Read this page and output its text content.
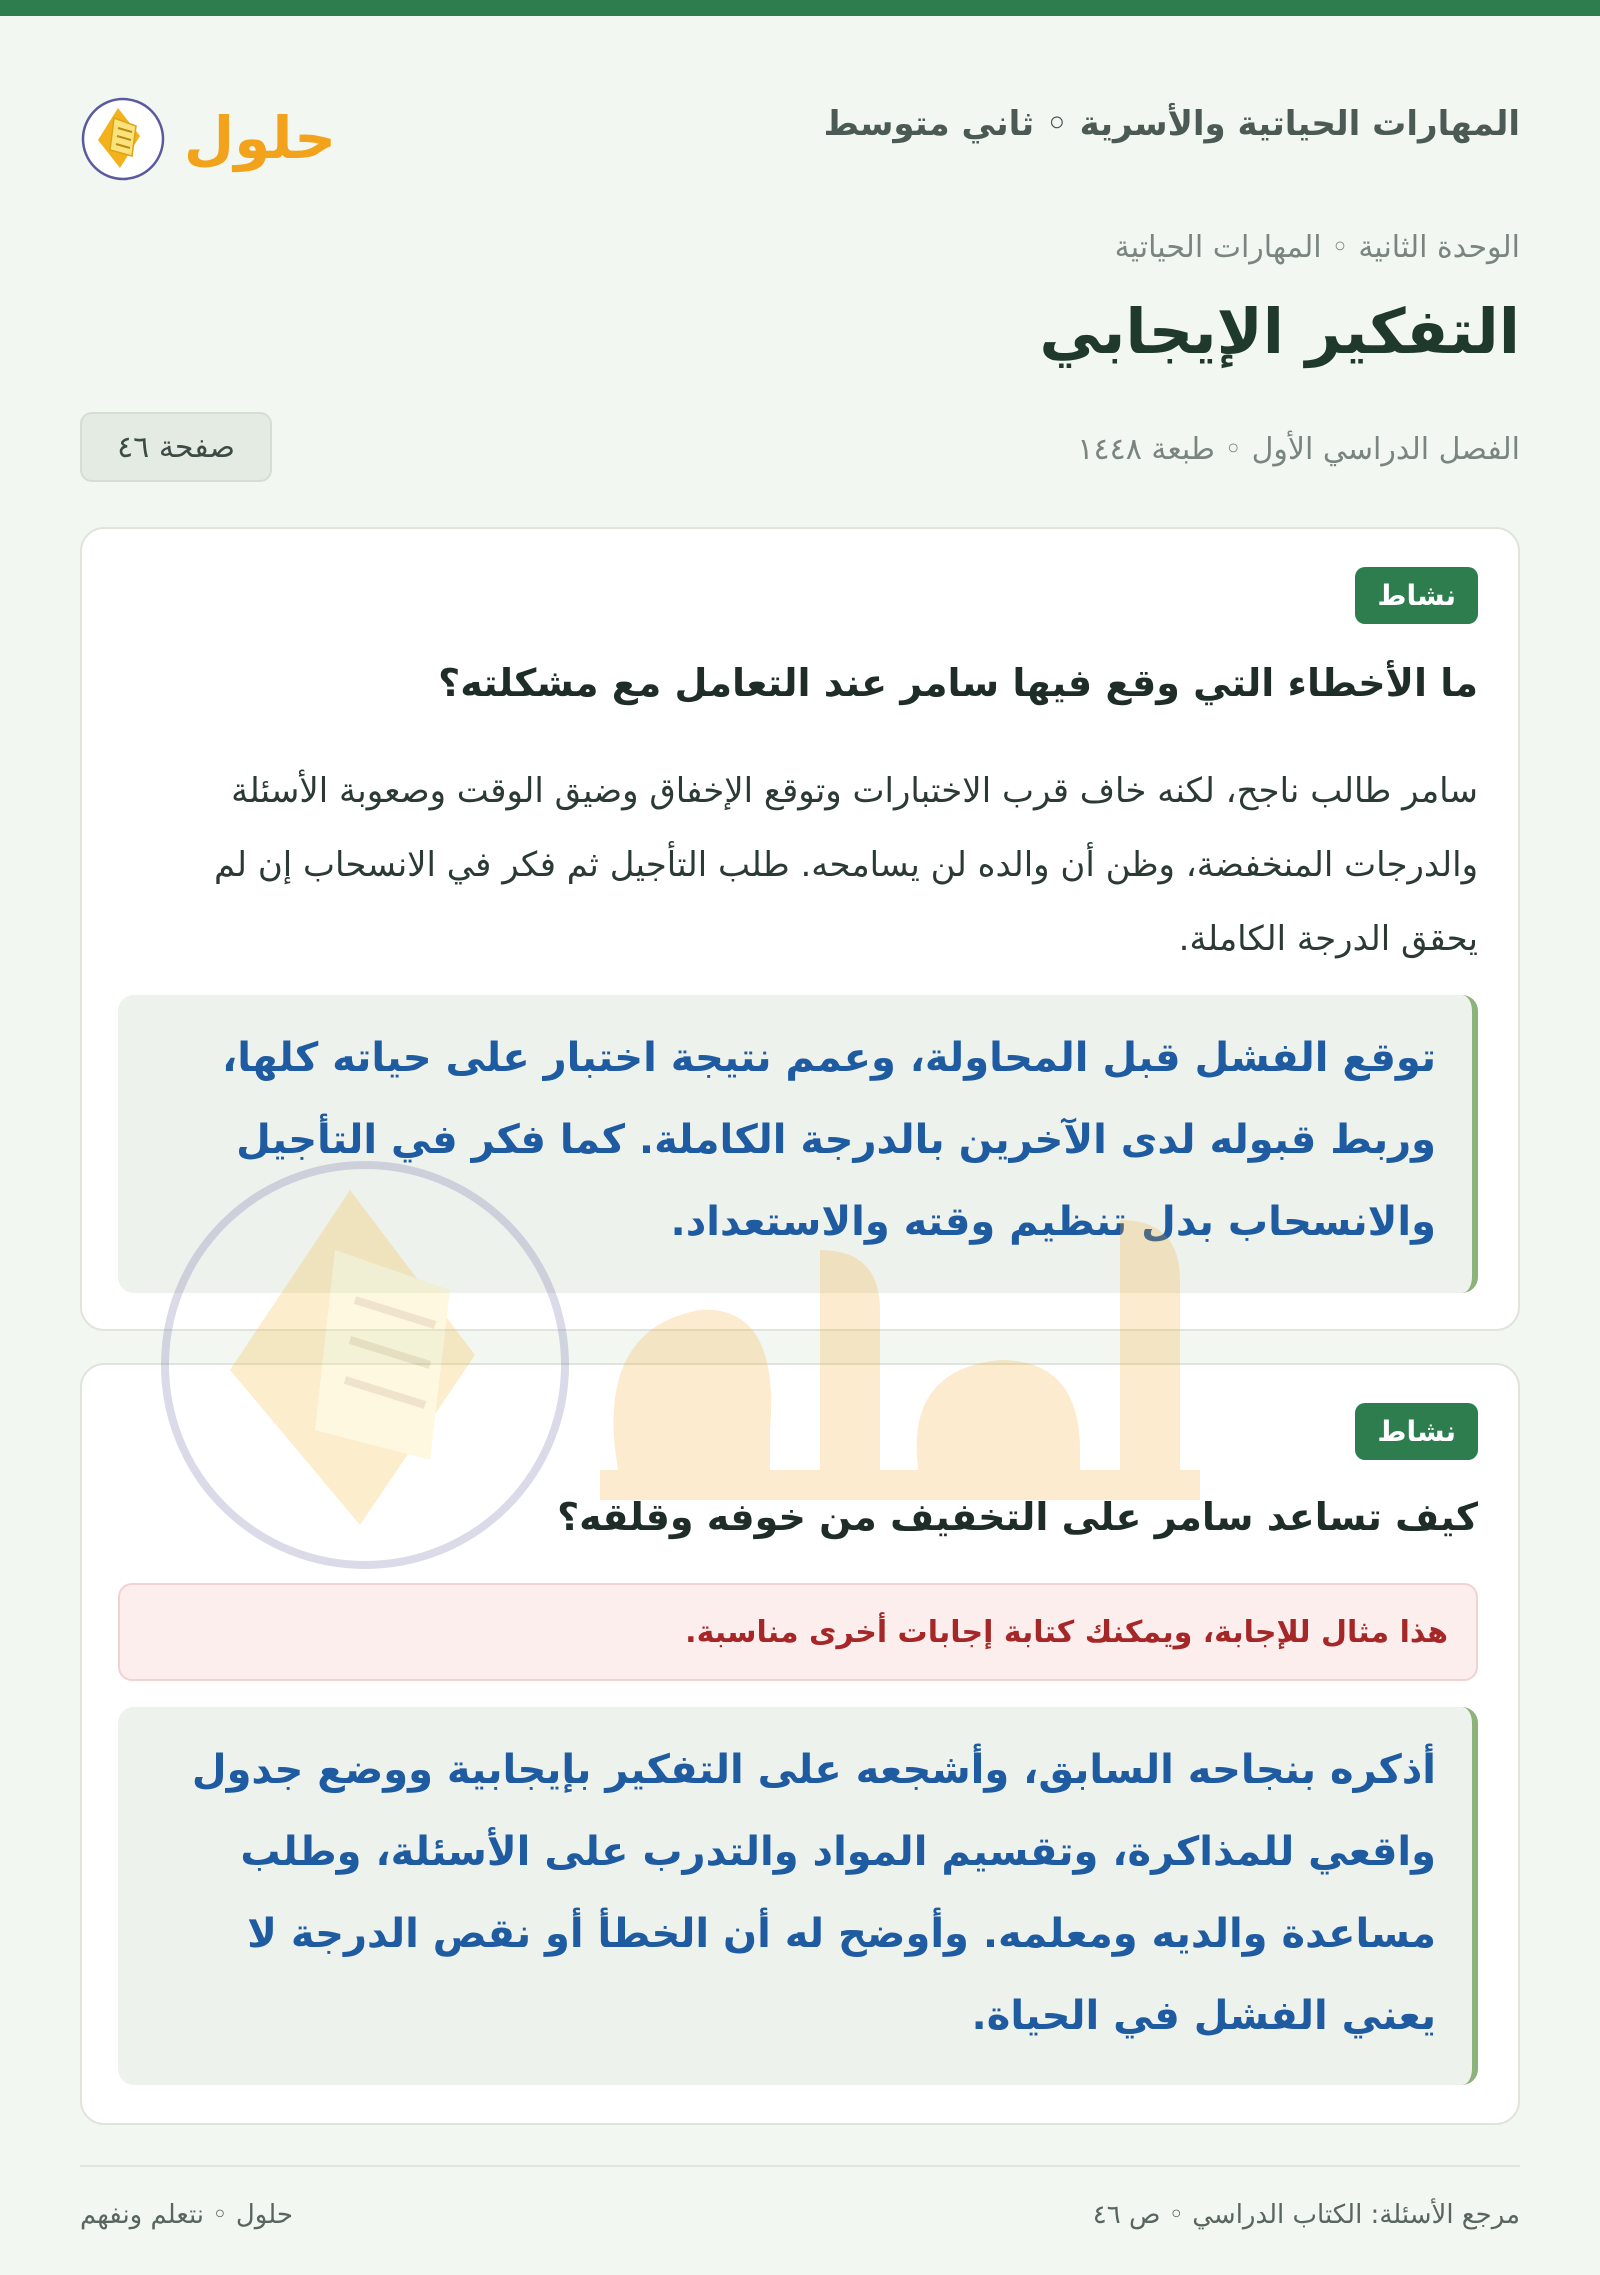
المهارات الحياتية والأسرية ◦ ثاني متوسط
حلول
الوحدة الثانية ◦ المهارات الحياتية
التفكير الإيجابي
الفصل الدراسي الأول ◦ طبعة ١٤٤٨
صفحة ٤٦
نشاط
ما الأخطاء التي وقع فيها سامر عند التعامل مع مشكلته؟

سامر طالب ناجح، لكنه خاف قرب الاختبارات وتوقع الإخفاق وضيق الوقت وصعوبة الأسئلة والدرجات المنخفضة، وظن أن والده لن يسامحه. طلب التأجيل ثم فكر في الانسحاب إن لم يحقق الدرجة الكاملة.

توقع الفشل قبل المحاولة، وعمم نتيجة اختبار على حياته كلها، وربط قبوله لدى الآخرين بالدرجة الكاملة. كما فكر في التأجيل والانسحاب بدل تنظيم وقته والاستعداد.
نشاط
كيف تساعد سامر على التخفيف من خوفه وقلقه؟
هذا مثال للإجابة، ويمكنك كتابة إجابات أخرى مناسبة.
أذكره بنجاحه السابق، وأشجعه على التفكير بإيجابية ووضع جدول واقعي للمذاكرة، وتقسيم المواد والتدرب على الأسئلة، وطلب مساعدة والديه ومعلمه. وأوضح له أن الخطأ أو نقص الدرجة لا يعني الفشل في الحياة.
مرجع الأسئلة: الكتاب الدراسي ◦ ص ٤٦
حلول ◦ نتعلم ونفهم
